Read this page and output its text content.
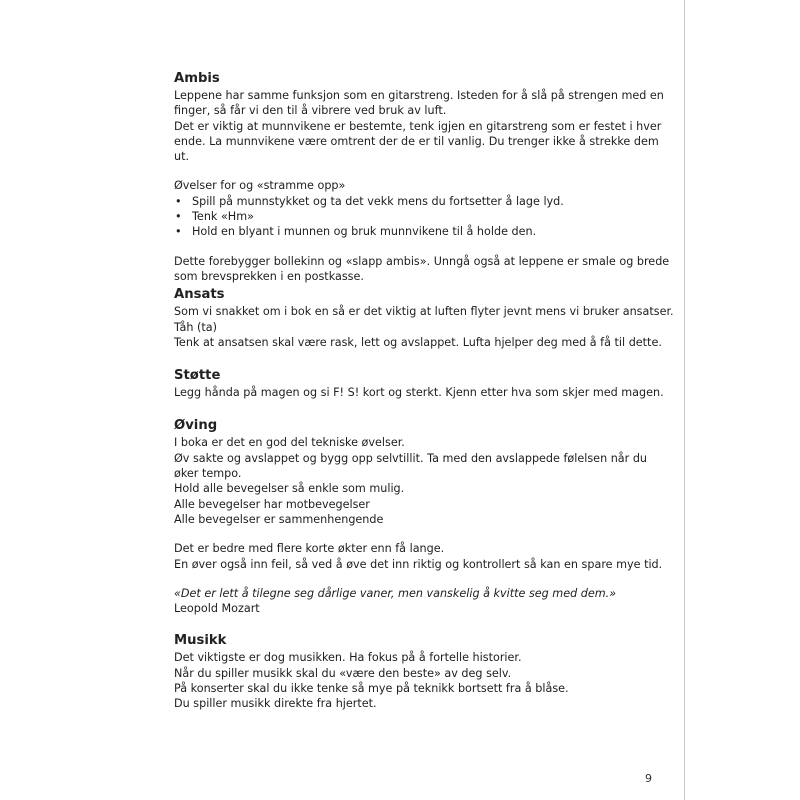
Ambis

Leppene har samme funksjon som en gitarstreng. Isteden for å slå på strengen med en finger, så får vi den til å vibrere ved bruk av luft.

Det er viktig at munnvikene er bestemte, tenk igjen en gitarstreng som er festet i hver ende. La munnvikene være omtrent der de er til vanlig. Du trenger ikke å strekke dem ut.

Øvelser for og «stramme opp»

• Spill på munnstykket og ta det vekk mens du fortsetter å lage lyd.
• Tenk «Hm»
• Hold en blyant i munnen og bruk munnvikene til å holde den.

Dette forebygger bollekinn og «slapp ambis». Unngå også at leppene er smale og brede som brevsprekken i en postkasse.

Ansats

Som vi snakket om i bok en så er det viktig at luften flyter jevnt mens vi bruker ansatser.

Tåh (ta)

Tenk at ansatsen skal være rask, lett og avslappet. Lufta hjelper deg med å få til dette.

Støtte

Legg hånda på magen og si F! S! kort og sterkt. Kjenn etter hva som skjer med magen.

Øving

I boka er det en god del tekniske øvelser.

Øv sakte og avslappet og bygg opp selvtillit. Ta med den avslappede følelsen når du øker tempo.

Hold alle bevegelser så enkle som mulig.

Alle bevegelser har motbevegelser

Alle bevegelser er sammenhengende

Det er bedre med flere korte økter enn få lange.

En øver også inn feil, så ved å øve det inn riktig og kontrollert så kan en spare mye tid.

«Det er lett å tilegne seg dårlige vaner, men vanskelig å kvitte seg med dem.»

Leopold Mozart

Musikk

Det viktigste er dog musikken. Ha fokus på å fortelle historier.

Når du spiller musikk skal du «være den beste» av deg selv.

På konserter skal du ikke tenke så mye på teknikk bortsett fra å blåse.

Du spiller musikk direkte fra hjertet.

9
